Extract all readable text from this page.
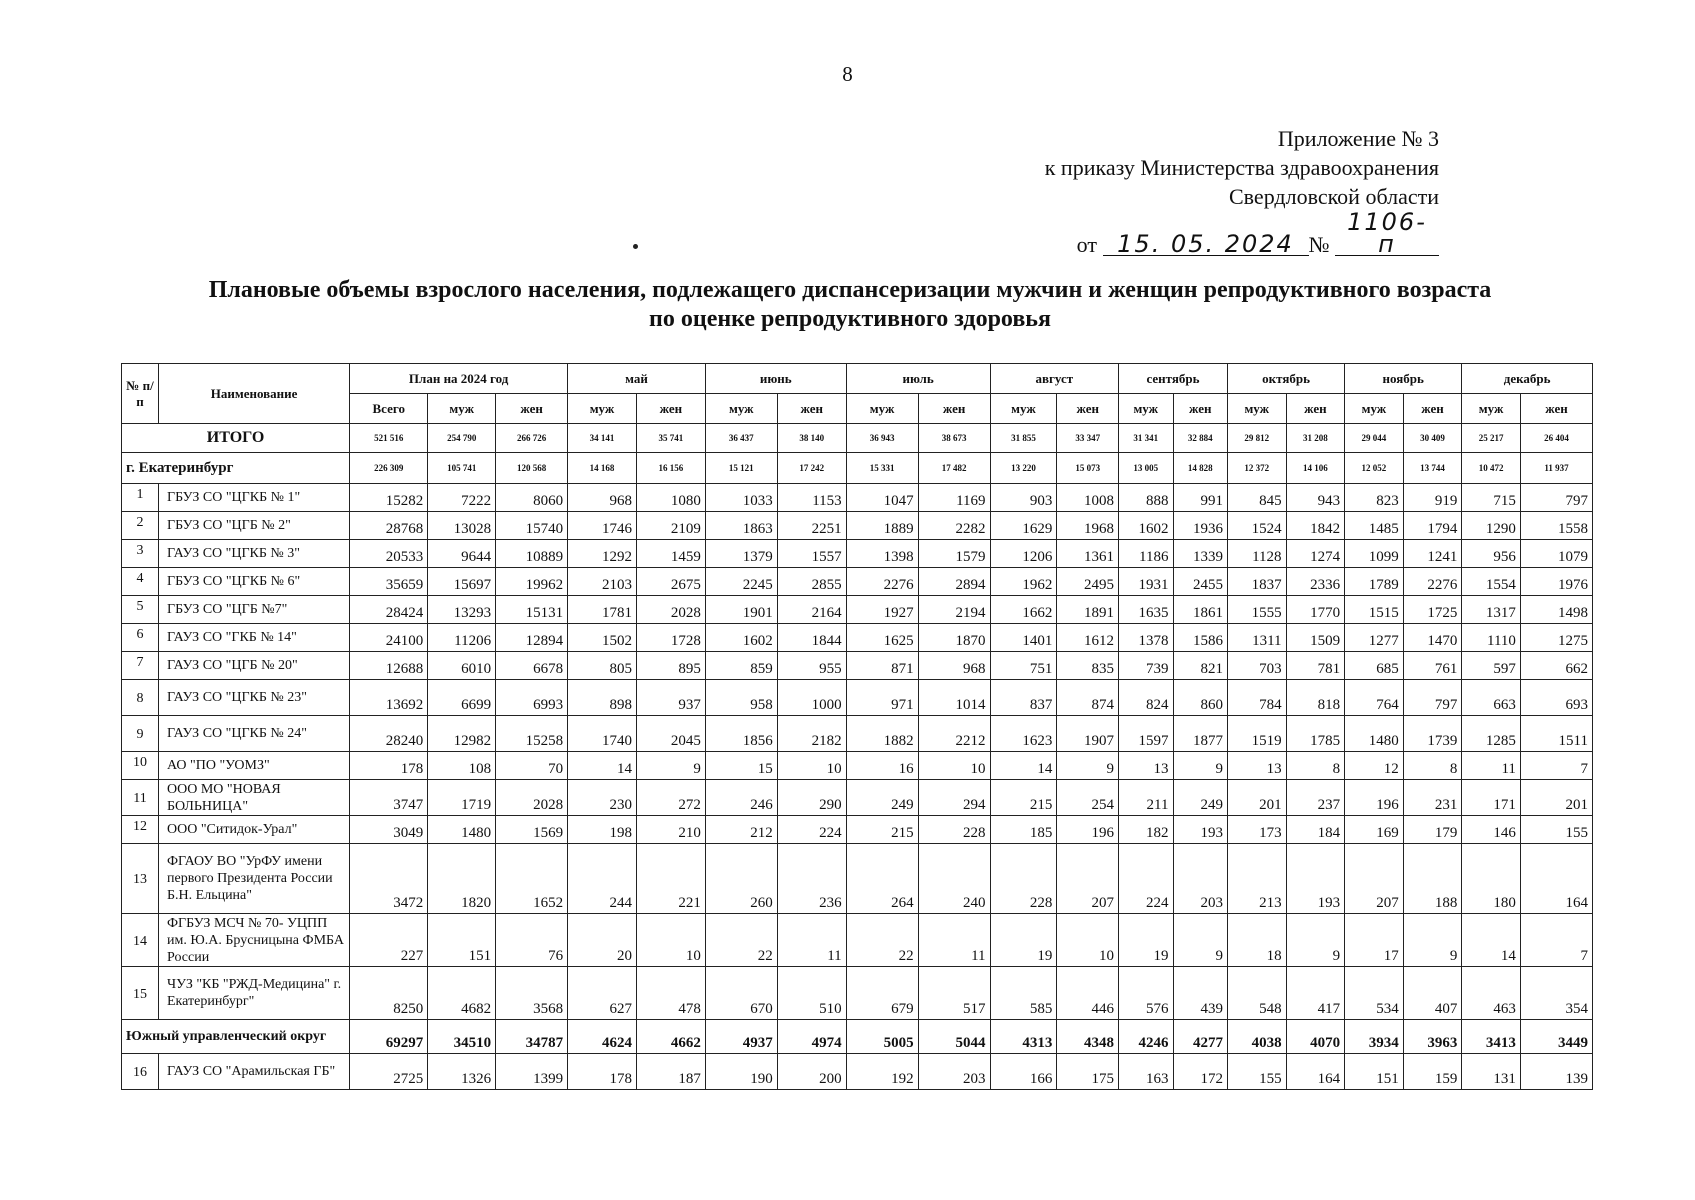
8
Приложение № 3
к приказу Министерства здравоохранения
Свердловской области
от 15. 05. 2024 № 1106-п
Плановые объемы взрослого населения, подлежащего диспансеризации мужчин и женщин репродуктивного возраста
по оценке репродуктивного здоровья
№ п/п	Наименование	План на 2024 год			май		июнь		июль		август		сентябрь		октябрь		ноябрь		декабрь	
		Всего	муж	жен	муж	жен	муж	жен	муж	жен	муж	жен	муж	жен	муж	жен	муж	жен	муж	жен
ИТОГО		521 516	254 790	266 726	34 141	35 741	36 437	38 140	36 943	38 673	31 855	33 347	31 341	32 884	29 812	31 208	29 044	30 409	25 217	26 404
г. Екатеринбург		226 309	105 741	120 568	14 168	16 156	15 121	17 242	15 331	17 482	13 220	15 073	13 005	14 828	12 372	14 106	12 052	13 744	10 472	11 937
1	ГБУЗ СО "ЦГКБ № 1"	15282	7222	8060	968	1080	1033	1153	1047	1169	903	1008	888	991	845	943	823	919	715	797
2	ГБУЗ СО "ЦГБ № 2"	28768	13028	15740	1746	2109	1863	2251	1889	2282	1629	1968	1602	1936	1524	1842	1485	1794	1290	1558
3	ГАУЗ СО "ЦГКБ № 3"	20533	9644	10889	1292	1459	1379	1557	1398	1579	1206	1361	1186	1339	1128	1274	1099	1241	956	1079
4	ГБУЗ СО "ЦГКБ № 6"	35659	15697	19962	2103	2675	2245	2855	2276	2894	1962	2495	1931	2455	1837	2336	1789	2276	1554	1976
5	ГБУЗ СО "ЦГБ №7"	28424	13293	15131	1781	2028	1901	2164	1927	2194	1662	1891	1635	1861	1555	1770	1515	1725	1317	1498
6	ГАУЗ СО "ГКБ № 14"	24100	11206	12894	1502	1728	1602	1844	1625	1870	1401	1612	1378	1586	1311	1509	1277	1470	1110	1275
7	ГАУЗ СО "ЦГБ № 20"	12688	6010	6678	805	895	859	955	871	968	751	835	739	821	703	781	685	761	597	662
8	ГАУЗ СО "ЦГКБ № 23"	13692	6699	6993	898	937	958	1000	971	1014	837	874	824	860	784	818	764	797	663	693
9	ГАУЗ СО "ЦГКБ № 24"	28240	12982	15258	1740	2045	1856	2182	1882	2212	1623	1907	1597	1877	1519	1785	1480	1739	1285	1511
10	АО "ПО "УОМЗ"	178	108	70	14	9	15	10	16	10	14	9	13	9	13	8	12	8	11	7
11	ООО МО "НОВАЯ БОЛЬНИЦА"	3747	1719	2028	230	272	246	290	249	294	215	254	211	249	201	237	196	231	171	201
12	ООО "Ситидок-Урал"	3049	1480	1569	198	210	212	224	215	228	185	196	182	193	173	184	169	179	146	155
13	ФГАОУ ВО "УрФУ имени первого Президента России Б.Н. Ельцина"	3472	1820	1652	244	221	260	236	264	240	228	207	224	203	213	193	207	188	180	164
14	ФГБУЗ МСЧ № 70- УЦПП им. Ю.А. Брусницына ФМБА России	227	151	76	20	10	22	11	22	11	19	10	19	9	18	9	17	9	14	7
15	ЧУЗ "КБ "РЖД-Медицина" г. Екатеринбург"	8250	4682	3568	627	478	670	510	679	517	585	446	576	439	548	417	534	407	463	354
Южный управленческий округ		69297	34510	34787	4624	4662	4937	4974	5005	5044	4313	4348	4246	4277	4038	4070	3934	3963	3413	3449
16	ГАУЗ СО "Арамильская ГБ"	2725	1326	1399	178	187	190	200	192	203	166	175	163	172	155	164	151	159	131	139
